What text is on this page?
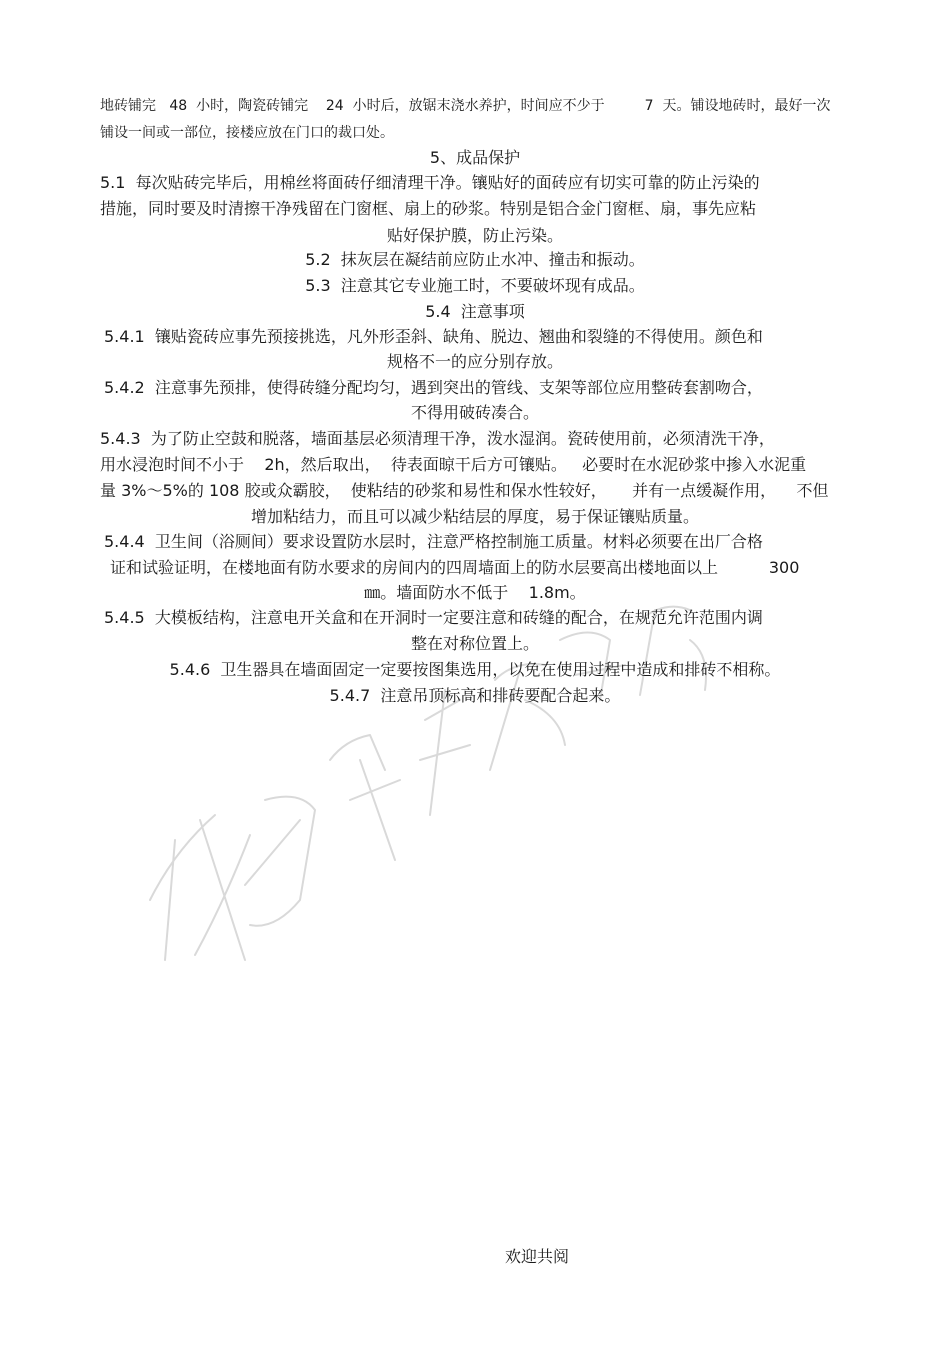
地砖铺完   48  小时，陶瓷砖铺完    24  小时后，放锯末浇水养护，时间应不少于         7  天。铺设地砖时，最好一次
铺设一间或一部位，接楼应放在门口的裁口处。
5、成品保护
5.1  每次贴砖完毕后，用棉丝将面砖仔细清理干净。镶贴好的面砖应有切实可靠的防止污染的
措施，同时要及时清擦干净残留在门窗框、扇上的砂浆。特别是铝合金门窗框、扇，事先应粘
贴好保护膜，防止污染。
5.2  抹灰层在凝结前应防止水冲、撞击和振动。
5.3  注意其它专业施工时，不要破坏现有成品。
5.4  注意事项
5.4.1  镶贴瓷砖应事先预接挑选，凡外形歪斜、缺角、脱边、翘曲和裂缝的不得使用。颜色和
规格不一的应分别存放。
5.4.2  注意事先预排，使得砖缝分配均匀，遇到突出的管线、支架等部位应用整砖套割吻合，
不得用破砖凑合。
5.4.3  为了防止空鼓和脱落，墙面基层必须清理干净，泼水湿润。瓷砖使用前，必须清洗干净，
用水浸泡时间不小于    2h，然后取出，  待表面晾干后方可镶贴。   必要时在水泥砂浆中掺入水泥重
量 3%～5%的 108 胶或众霸胶，  使粘结的砂浆和易性和保水性较好，     并有一点缓凝作用，    不但
增加粘结力，而且可以减少粘结层的厚度，易于保证镶贴质量。
5.4.4  卫生间（浴厕间）要求设置防水层时，注意严格控制施工质量。材料必须要在出厂合格
证和试验证明，在楼地面有防水要求的房间内的四周墙面上的防水层要高出楼地面以上          300
㎜。墙面防水不低于    1.8m。
5.4.5  大模板结构，注意电开关盒和在开洞时一定要注意和砖缝的配合，在规范允许范围内调
整在对称位置上。
5.4.6  卫生器具在墙面固定一定要按图集选用，以免在使用过程中造成和排砖不相称。
5.4.7  注意吊顶标高和排砖要配合起来。
欢迎共阅
